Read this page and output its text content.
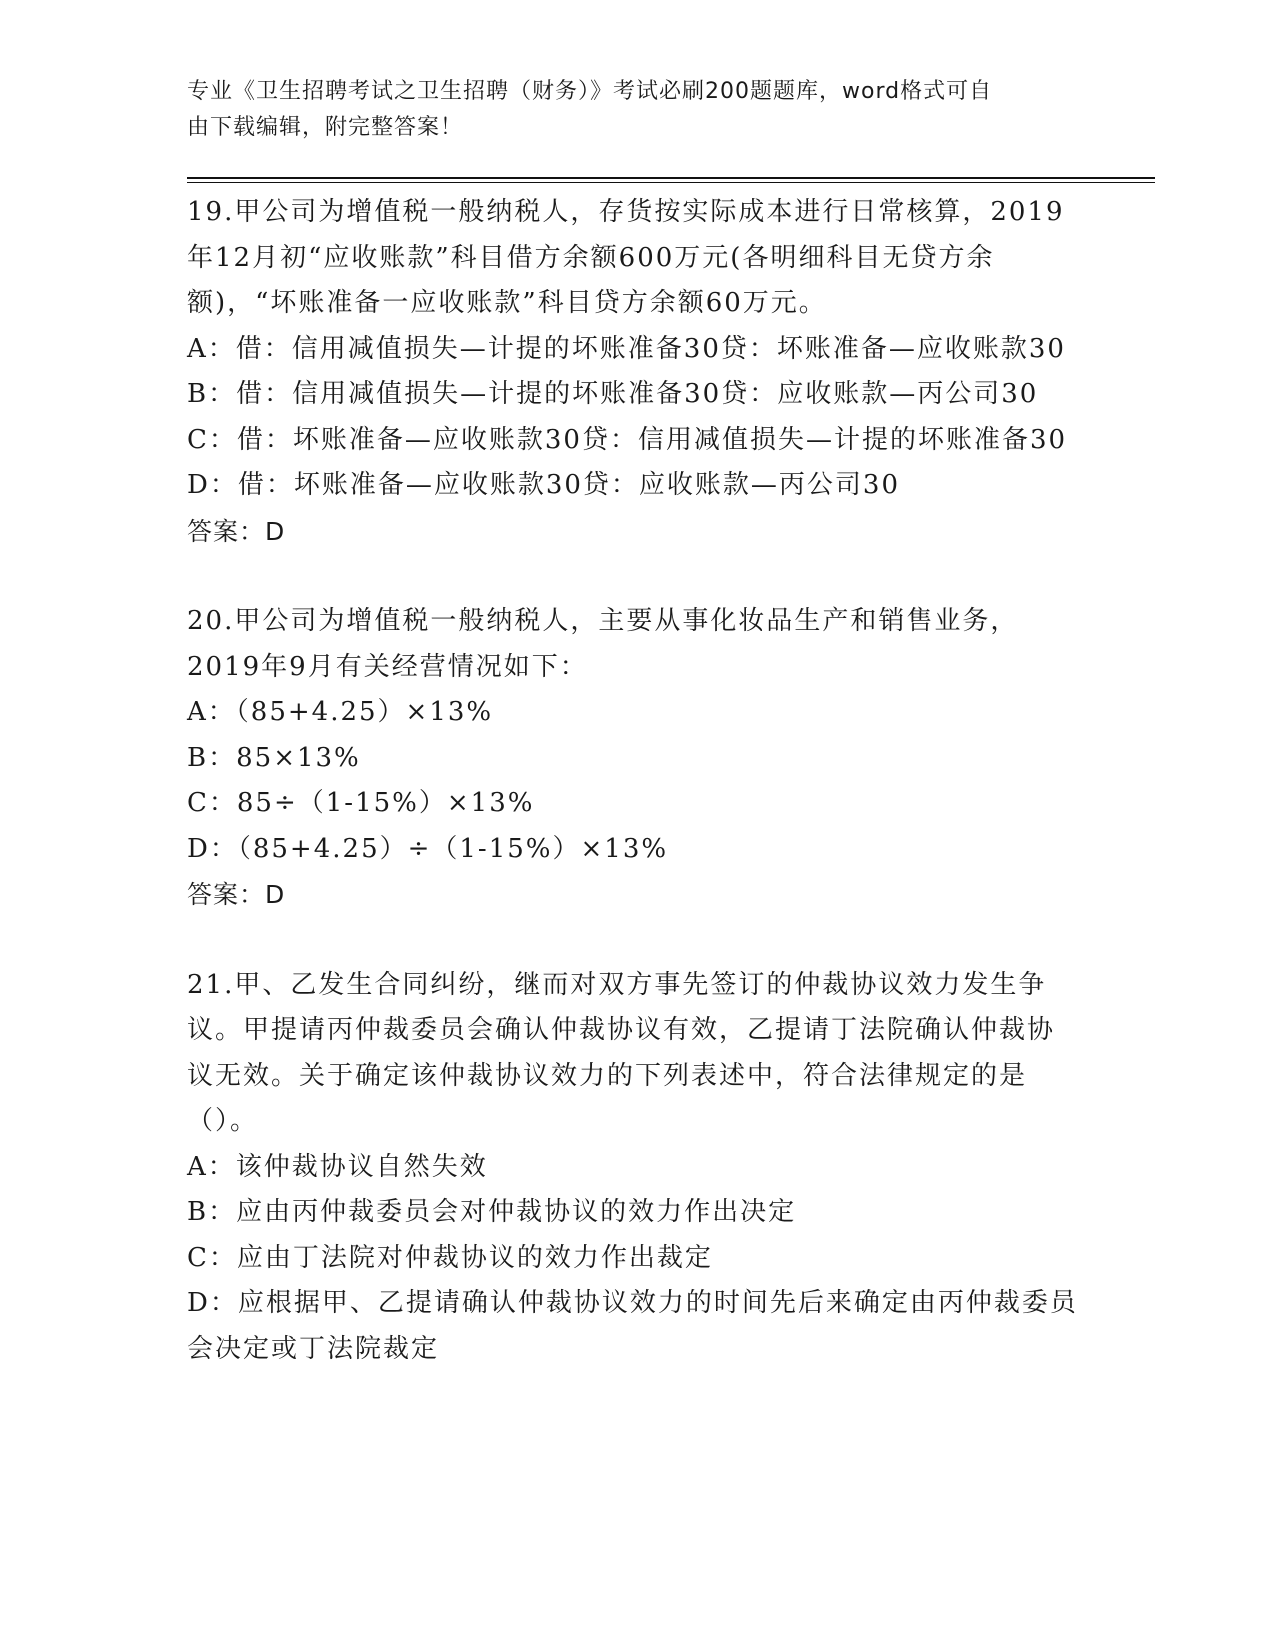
专业《卫生招聘考试之卫生招聘（财务）》考试必刷200题题库，word格式可自
由下载编辑，附完整答案！

19.甲公司为增值税一般纳税人，存货按实际成本进行日常核算，2019年12月初“应收账款”科目借方余额600万元(各明细科目无贷方余额)，“坏账准备一应收账款”科目贷方余额60万元。

A：借：信用减值损失—计提的坏账准备30贷：坏账准备—应收账款30

B：借：信用减值损失—计提的坏账准备30贷：应收账款—丙公司30

C：借：坏账准备—应收账款30贷：信用减值损失—计提的坏账准备30

D：借：坏账准备—应收账款30贷：应收账款—丙公司30

答案：D

20.甲公司为增值税一般纳税人，主要从事化妆品生产和销售业务，2019年9月有关经营情况如下：

A：（85+4.25）×13%

B：85×13%

C：85÷（1-15%）×13%

D：（85+4.25）÷（1-15%）×13%

答案：D

21.甲、乙发生合同纠纷，继而对双方事先签订的仲裁协议效力发生争议。甲提请丙仲裁委员会确认仲裁协议有效，乙提请丁法院确认仲裁协议无效。关于确定该仲裁协议效力的下列表述中，符合法律规定的是（）。

A：该仲裁协议自然失效

B：应由丙仲裁委员会对仲裁协议的效力作出决定

C：应由丁法院对仲裁协议的效力作出裁定

D：应根据甲、乙提请确认仲裁协议效力的时间先后来确定由丙仲裁委员会决定或丁法院裁定
